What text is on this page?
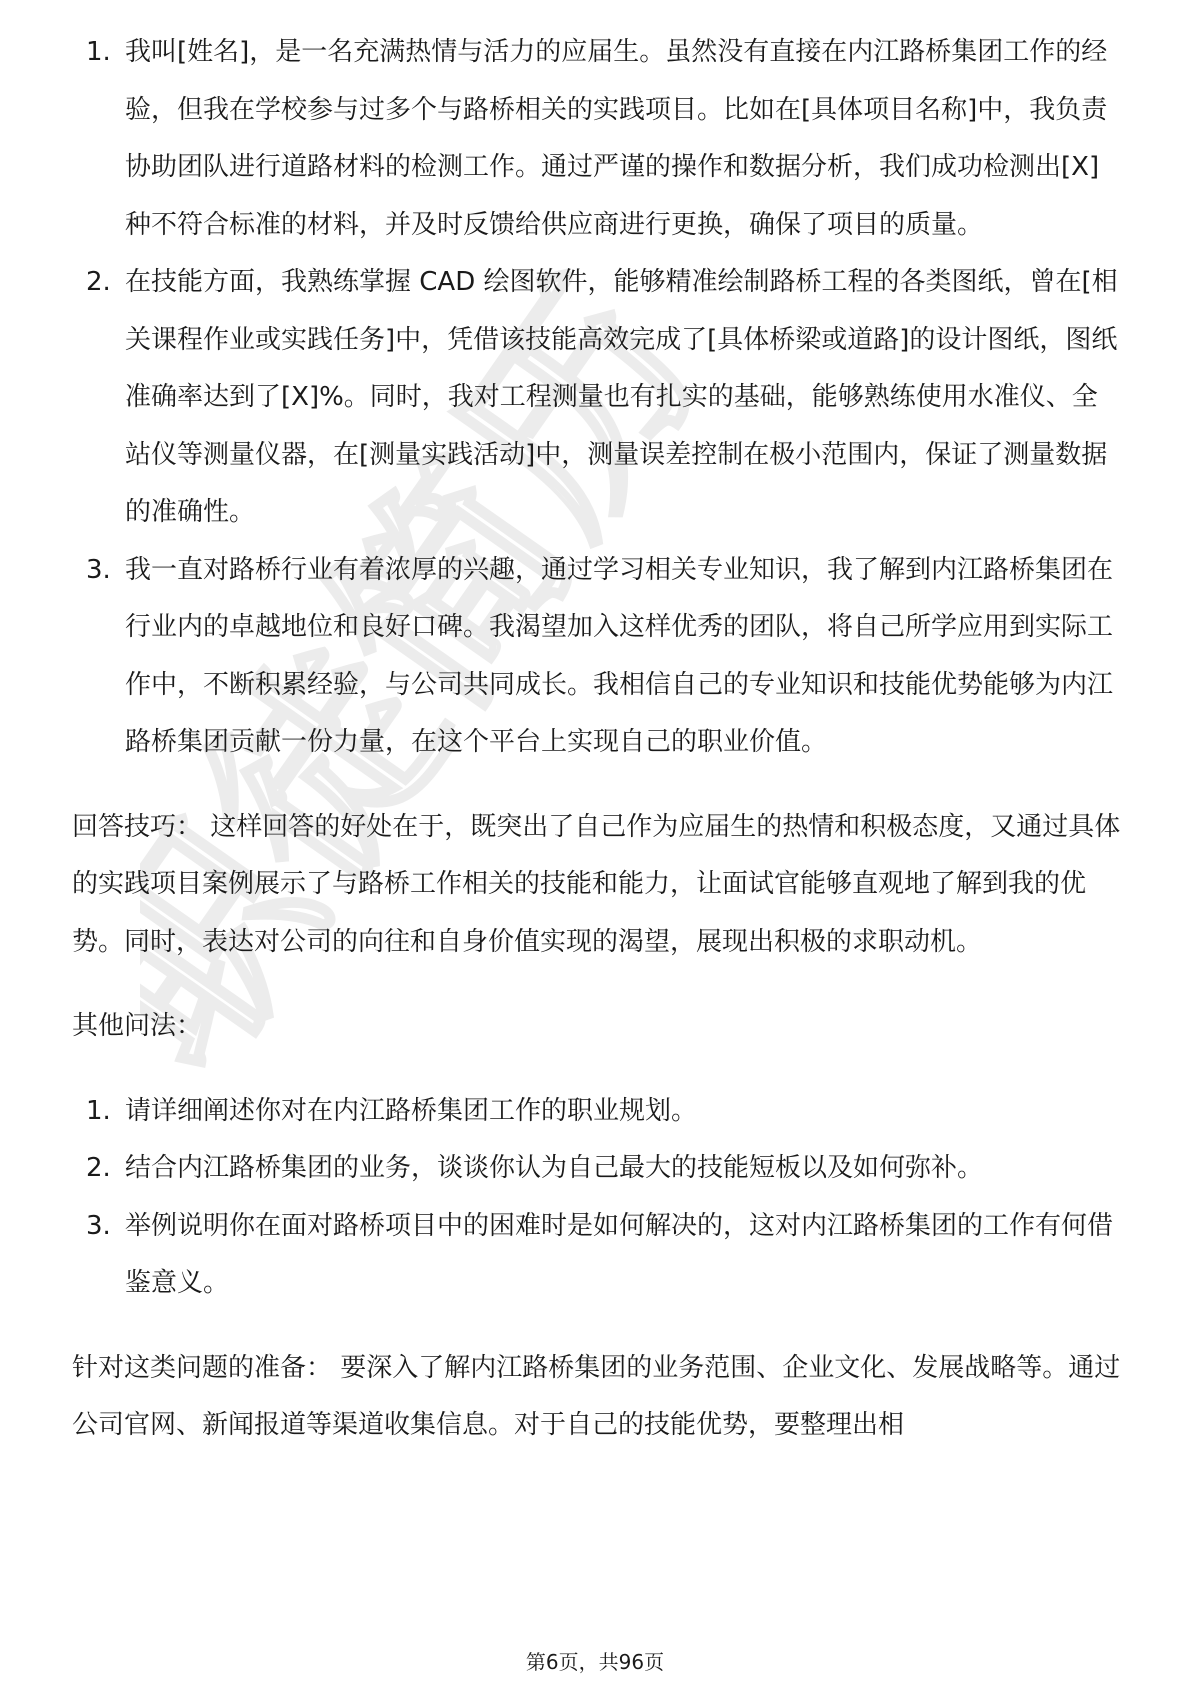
职徒简历
1. 我叫[姓名]，是一名充满热情与活力的应届生。虽然没有直接在内江路桥集团工作的经验，但我在学校参与过多个与路桥相关的实践项目。比如在[具体项目名称]中，我负责协助团队进行道路材料的检测工作。通过严谨的操作和数据分析，我们成功检测出[X]种不符合标准的材料，并及时反馈给供应商进行更换，确保了项目的质量。
2. 在技能方面，我熟练掌握 CAD 绘图软件，能够精准绘制路桥工程的各类图纸，曾在[相关课程作业或实践任务]中，凭借该技能高效完成了[具体桥梁或道路]的设计图纸，图纸准确率达到了[X]%。同时，我对工程测量也有扎实的基础，能够熟练使用水准仪、全站仪等测量仪器，在[测量实践活动]中，测量误差控制在极小范围内，保证了测量数据的准确性。
3. 我一直对路桥行业有着浓厚的兴趣，通过学习相关专业知识，我了解到内江路桥集团在行业内的卓越地位和良好口碑。我渴望加入这样优秀的团队，将自己所学应用到实际工作中，不断积累经验，与公司共同成长。我相信自己的专业知识和技能优势能够为内江路桥集团贡献一份力量，在这个平台上实现自己的职业价值。

回答技巧： 这样回答的好处在于，既突出了自己作为应届生的热情和积极态度，又通过具体的实践项目案例展示了与路桥工作相关的技能和能力，让面试官能够直观地了解到我的优势。同时，表达对公司的向往和自身价值实现的渴望，展现出积极的求职动机。

其他问法：

1. 请详细阐述你对在内江路桥集团工作的职业规划。
2. 结合内江路桥集团的业务，谈谈你认为自己最大的技能短板以及如何弥补。
3. 举例说明你在面对路桥项目中的困难时是如何解决的，这对内江路桥集团的工作有何借鉴意义。

针对这类问题的准备： 要深入了解内江路桥集团的业务范围、企业文化、发展战略等。通过公司官网、新闻报道等渠道收集信息。对于自己的技能优势，要整理出相

第6页，共96页
